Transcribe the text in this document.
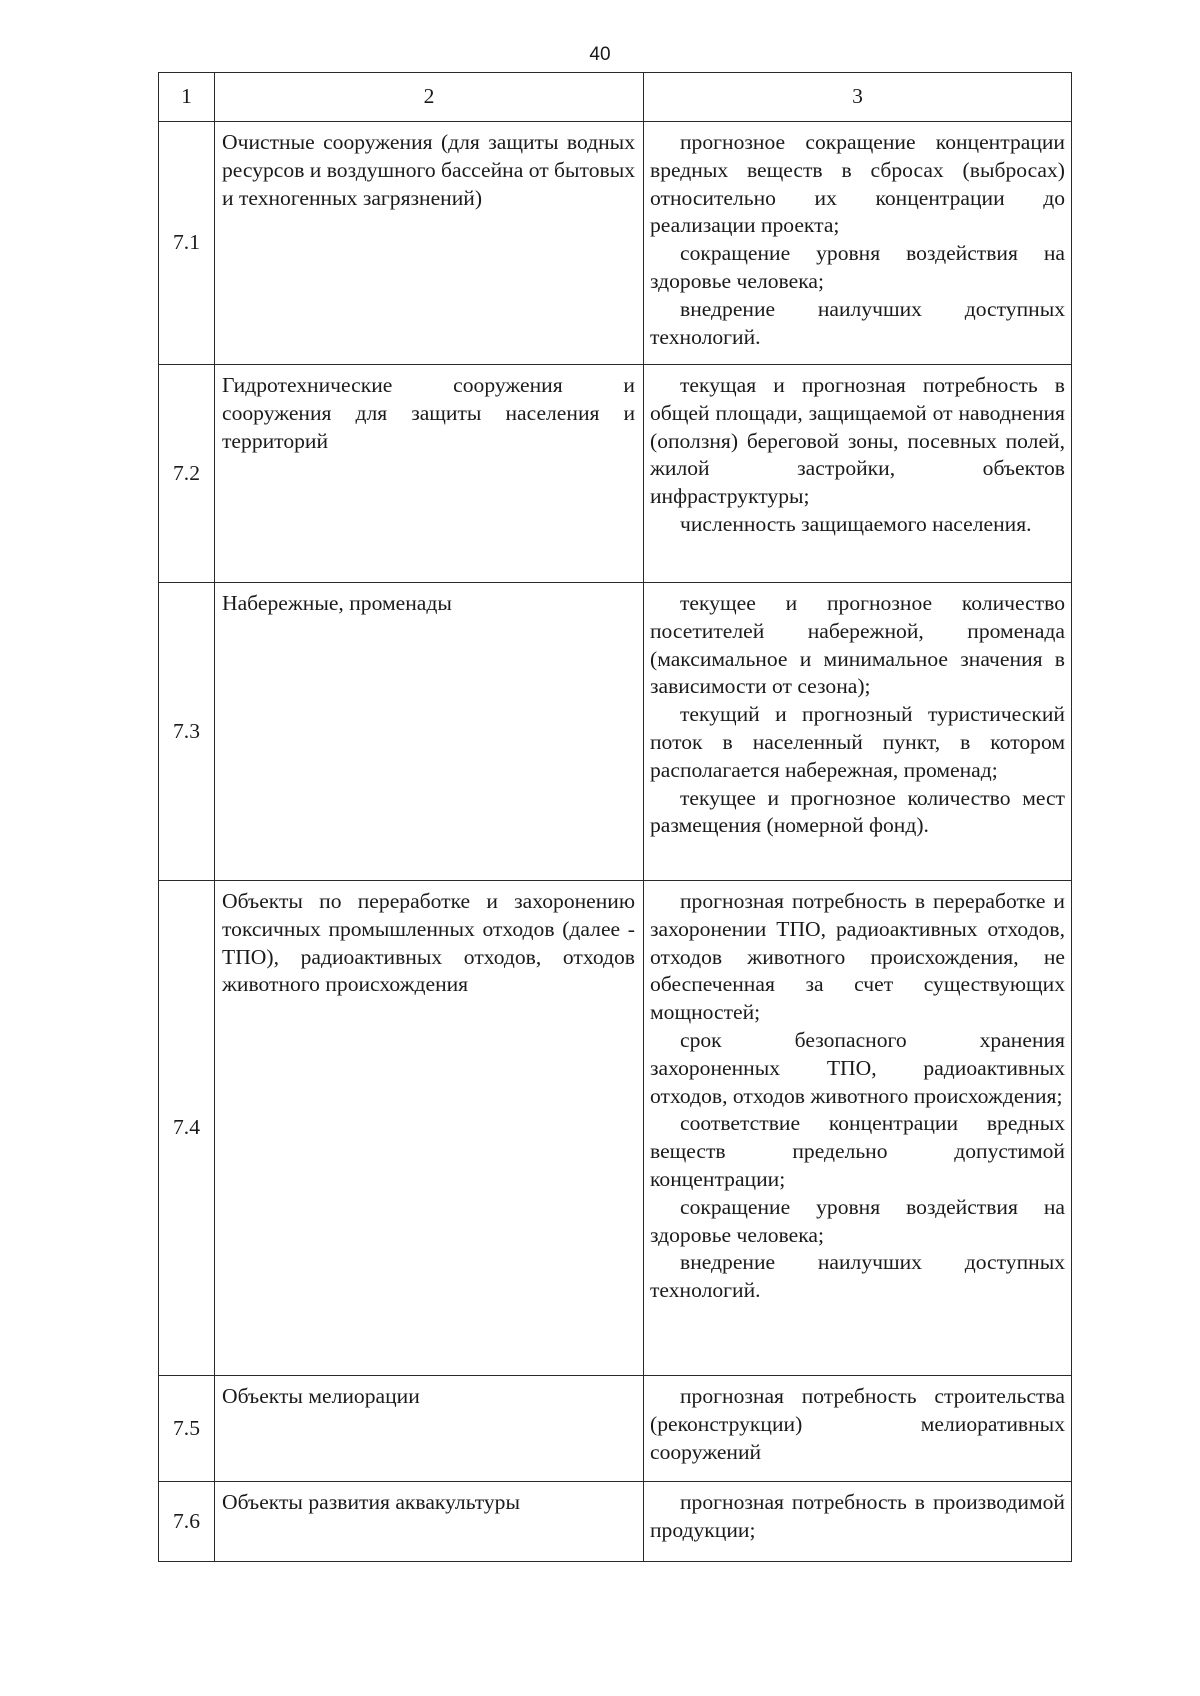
40
1	2	3
7.1	Очистные сооружения (для защиты водных ресурсов и воздушного бассейна от бытовых и техногенных загрязнений)	прогнозное сокращение концентрации вредных веществ в сбросах (выбросах) относительно их концентрации до реализации проекта;

сокращение уровня воздействия на здоровье человека;

внедрение наилучших доступных технологий.

7.2	Гидротехнические сооружения и сооружения для защиты населения и территорий	текущая и прогнозная потребность в общей площади, защищаемой от наводнения (оползня) береговой зоны, посевных полей, жилой застройки, объектов инфраструктуры;

численность защищаемого населения.

7.3	Набережные, променады	текущее и прогнозное количество посетителей набережной, променада (максимальное и минимальное значения в зависимости от сезона);

текущий и прогнозный туристический поток в населенный пункт, в котором располагается набережная, променад;

текущее и прогнозное количество мест размещения (номерной фонд).

7.4	Объекты по переработке и захоронению токсичных промышленных отходов (далее - ТПО), радиоактивных отходов, отходов животного происхождения	прогнозная потребность в переработке и захоронении ТПО, радиоактивных отходов, отходов животного происхождения, не обеспеченная за счет существующих мощностей;

срок безопасного хранения захороненных ТПО, радиоактивных отходов, отходов животного происхождения;

соответствие концентрации вредных веществ предельно допустимой концентрации;

сокращение уровня воздействия на здоровье человека;

внедрение наилучших доступных технологий.

7.5	Объекты мелиорации	прогнозная потребность строительства (реконструкции) мелиоративных сооружений

7.6	Объекты развития аквакультуры	прогнозная потребность в производимой продукции;
